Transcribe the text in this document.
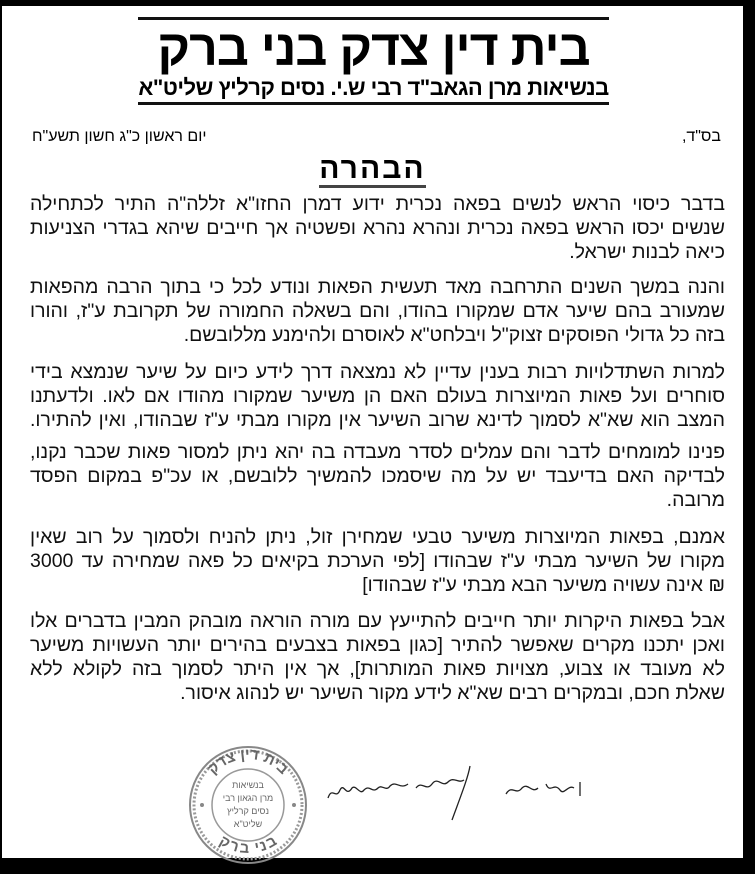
בית דין צדק בני ברק
בנשיאות מרן הגאב"ד רבי ש.י. נסים קרליץ שליט"א
בס"ד,
יום ראשון כ"ג חשון תשע"ח
הבהרה
בדבר כיסוי הראש לנשים בפאה נכרית ידוע דמרן החזו"א זללה"ה התיר לכתחילה
שנשים יכסו הראש בפאה נכרית ונהרא נהרא ופשטיה אך חייבים שיהא בגדרי הצניעות
כיאה לבנות ישראל.
והנה במשך השנים התרחבה מאד תעשית הפאות ונודע לכל כי בתוך הרבה מהפאות
שמעורב בהם שיער אדם שמקורו בהודו, והם בשאלה החמורה של תקרובת ע"ז, והורו
בזה כל גדולי הפוסקים זצוק"ל ויבלחט"א לאוסרם ולהימנע מללובשם.
למרות השתדלויות רבות בענין עדיין לא נמצאה דרך לידע כיום על שיער שנמצא בידי
סוחרים ועל פאות המיוצרות בעולם האם הן משיער שמקורו מהודו אם לאו. ולדעתנו
המצב הוא שא"א לסמוך לדינא שרוב השיער אין מקורו מבתי ע"ז שבהודו, ואין להתירו.
פנינו למומחים לדבר והם עמלים לסדר מעבדה בה יהא ניתן למסור פאות שכבר נקנו,
לבדיקה האם בדיעבד יש על מה שיסמכו להמשיך ללובשם, או עכ"פ במקום הפסד
מרובה.
אמנם, בפאות המיוצרות משיער טבעי שמחירן זול, ניתן להניח ולסמוך על רוב שאין
מקורו של השיער מבתי ע"ז שבהודו [לפי הערכת בקיאים כל פאה שמחירה עד 3000
₪ אינה עשויה משיער הבא מבתי ע"ז שבהודו]
אבל בפאות היקרות יותר חייבים להתייעץ עם מורה הוראה מובהק המבין בדברים אלו
ואכן יתכנו מקרים שאפשר להתיר [כגון בפאות בצבעים בהירים יותר העשויות משיער
לא מעובד או צבוע, מצויות פאות המותרות], אך אין היתר לסמוך בזה לקולא ללא
שאלת חכם, ובמקרים רבים שא"א לידע מקור השיער יש לנהוג איסור.
בית דין צדק
בני ברק
בנשיאות
מרן הגאון רבי
נסים קרליץ
שליט"א
